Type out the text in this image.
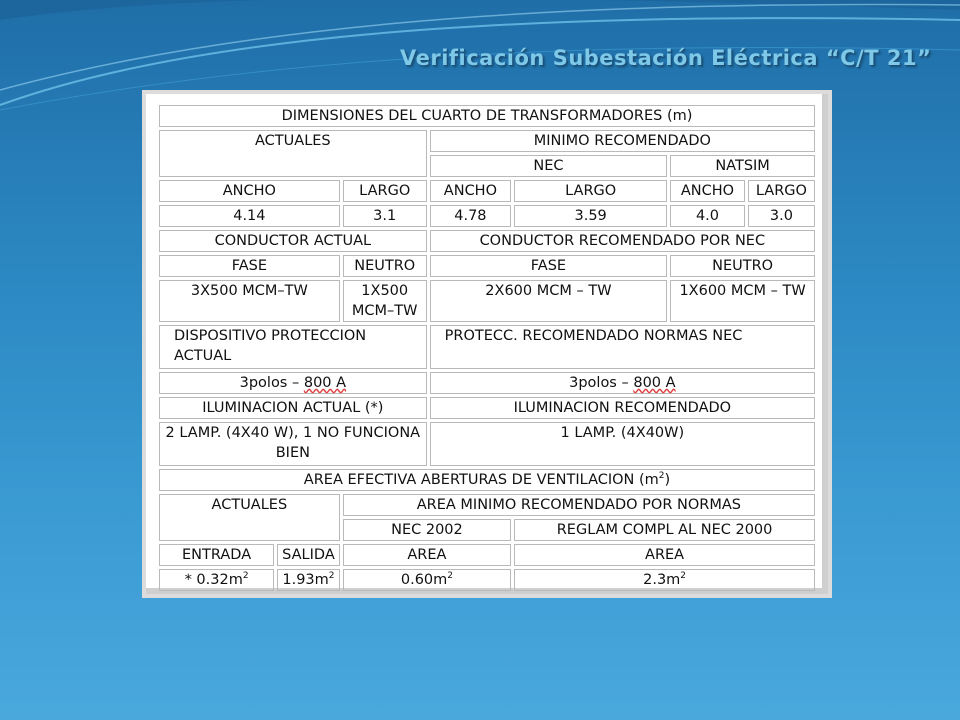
Verificación Subestación Eléctrica “C/T 21”
DIMENSIONES DEL CUARTO DE TRANSFORMADORES (m)						
ACTUALES			MINIMO RECOMENDADO			
			NEC		NATSIM	
ANCHO		LARGO	ANCHO	LARGO	ANCHO	LARGO
4.14		3.1	4.78	3.59	4.0	3.0
CONDUCTOR ACTUAL			CONDUCTOR RECOMENDADO POR NEC			
FASE		NEUTRO	FASE		NEUTRO	
3X500 MCM–TW		1X500 MCM–TW	2X600 MCM – TW		1X600 MCM – TW	
DISPOSITIVO PROTECCION ACTUAL			PROTECC. RECOMENDADO NORMAS NEC			
3polos – 800 A			3polos – 800 A			
ILUMINACION ACTUAL (*)			ILUMINACION RECOMENDADO			
2 LAMP. (4X40 W), 1 NO FUNCIONA BIEN			1 LAMP. (4X40W)			
AREA EFECTIVA ABERTURAS DE VENTILACION $(m^2)$						
ACTUALES		AREA MINIMO RECOMENDADO POR NORMAS				
		NEC 2002		REGLAM COMPL AL NEC 2000		
ENTRADA	SALIDA	AREA		AREA		
* $0.32m^2$	$1.93m^2$	$0.60m^2$		$2.3m^2$
